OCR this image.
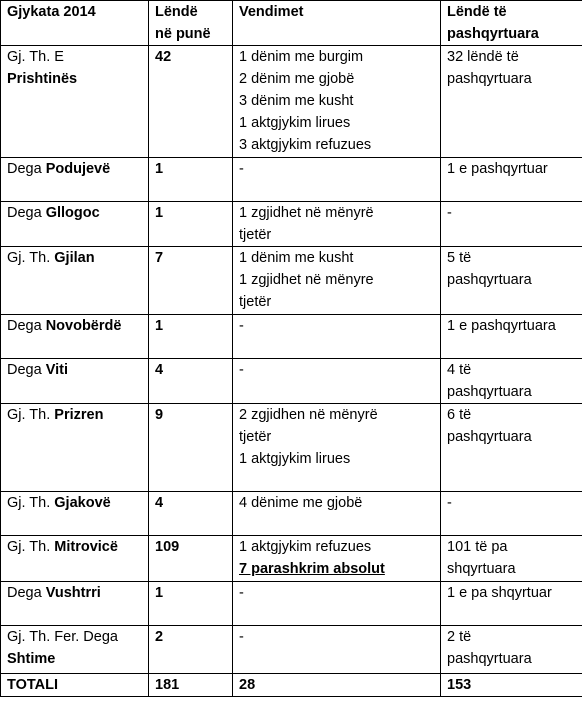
Gjykata 2014	Lëndë
në punë	Vendimet	Lëndë të
pashqyrtuara

Gj. Th. E
Prishtinës	42	1 dënim me burgim
2 dënim me gjobë
3 dënim me kusht
1 aktgjykim lirues
3 aktgjykim refuzues	32 lëndë të
pashqyrtuara

Dega Podujevë	1	-	1 e pashqyrtuar

Dega Gllogoc	1	1 zgjidhet në mënyrë
tjetër	-

Gj. Th. Gjilan	7	1 dënim me kusht
1 zgjidhet në mënyre
tjetër	5 të
pashqyrtuara

Dega Novobërdë	1	-	1 e pashqyrtuara

Dega Viti	4	-	4 të
pashqyrtuara

Gj. Th. Prizren	9	2 zgjidhen në mënyrë
tjetër
1 aktgjykim lirues	6 të
pashqyrtuara

Gj. Th. Gjakovë	4	4 dënime me gjobë	-

Gj. Th. Mitrovicë	109	1 aktgjykim refuzues
7 parashkrim absolut	101 të pa
shqyrtuara

Dega Vushtrri	1	-	1 e pa shqyrtuar

Gj. Th. Fer. Dega
Shtime	2	-	2 të
pashqyrtuara

TOTALI	181	28	153
